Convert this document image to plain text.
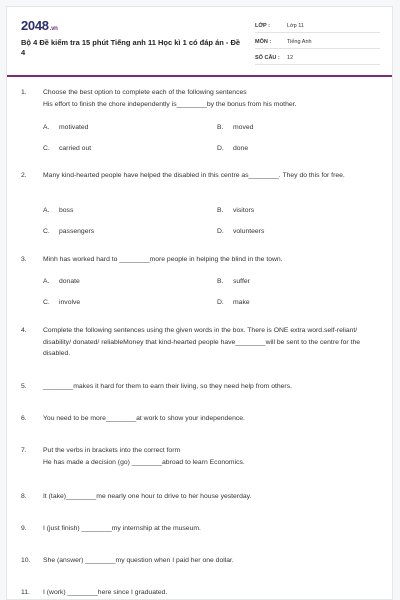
2048.vn
Bộ 4 Đề kiểm tra 15 phút Tiếng anh 11 Học kì 1 có đáp án - Đề 4
LỚP :	Lớp 11
MÔN :	Tiếng Anh
SỐ CÂU :	12
1.	Choose the best option to complete each of the following sentences
His effort to finish the chore independently is________by the bonus from his mother.
A. motivated	B. moved
C. carried out	D. done
2.	Many kind-hearted people have helped the disabled in this centre as________. They do this for free.
A. boss	B. visitors
C. passengers	D. volunteers
3.	Minh has worked hard to ________more people in helping the blind in the town.
A. donate	B. suffer
C. involve	D. make
4.	Complete the following sentences using the given words in the box. There is ONE extra word.self-reliant/ disability/ donated/ reliableMoney that kind-hearted people have________will be sent to the centre for the disabled.
5.	________makes it hard for them to earn their living, so they need help from others.
6.	You need to be more________at work to show your independence.
7.	Put the verbs in brackets into the correct form
He has made a decision (go) ________abroad to learn Economics.
8.	It (take)________me nearly one hour to drive to her house yesterday.
9.	I (just finish) ________my internship at the museum.
10.	She (answer) ________my question when I paid her one dollar.
11.	I (work) ________here since I graduated.
